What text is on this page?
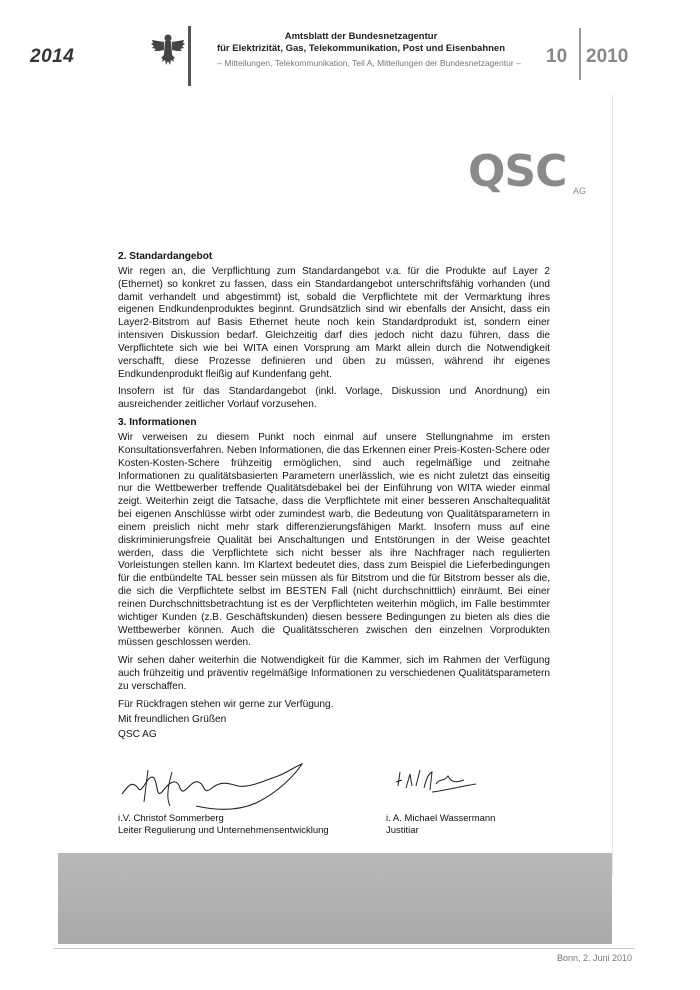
2014
Amtsblatt der Bundesnetzagentur
für Elektrizität, Gas, Telekommunikation, Post und Eisenbahnen
– Mitteilungen, Telekommunikation, Teil A, Mitteilungen der Bundesnetzagentur –	10 2010
QSC AG
2. Standardangebot

Wir regen an, die Verpflichtung zum Standardangebot v.a. für die Produkte auf Layer 2 (Ethernet) so konkret zu fassen, dass ein Standardangebot unterschriftsfähig vorhanden (und damit verhandelt und abgestimmt) ist, sobald die Verpflichtete mit der Vermarktung ihres eigenen Endkundenproduktes beginnt. Grundsätzlich sind wir ebenfalls der Ansicht, dass ein Layer2-Bitstrom auf Basis Ethernet heute noch kein Standardprodukt ist, sondern einer intensiven Diskussion bedarf. Gleichzeitig darf dies jedoch nicht dazu führen, dass die Verpflichtete sich wie bei WITA einen Vorsprung am Markt allein durch die Notwendigkeit verschafft, diese Prozesse definieren und üben zu müssen, während ihr eigenes Endkundenprodukt fleißig auf Kundenfang geht.

Insofern ist für das Standardangebot (inkl. Vorlage, Diskussion und Anordnung) ein ausreichender zeitlicher Vorlauf vorzusehen.

3. Informationen

Wir verweisen zu diesem Punkt noch einmal auf unsere Stellungnahme im ersten Konsultationsverfahren. Neben Informationen, die das Erkennen einer Preis-Kosten-Schere oder Kosten-Kosten-Schere frühzeitig ermöglichen, sind auch regelmäßige und zeitnahe Informationen zu qualitätsbasierten Parametern unerlässlich, wie es nicht zuletzt das einseitig nur die Wettbewerber treffende Qualitätsdebakel bei der Einführung von WITA wieder einmal zeigt. Weiterhin zeigt die Tatsache, dass die Verpflichtete mit einer besseren Anschaltequalität bei eigenen Anschlüsse wirbt oder zumindest warb, die Bedeutung von Qualitätsparametern in einem preislich nicht mehr stark differenzierungsfähigen Markt. Insofern muss auf eine diskriminierungsfreie Qualität bei Anschaltungen und Entstörungen in der Weise geachtet werden, dass die Verpflichtete sich nicht besser als ihre Nachfrager nach regulierten Vorleistungen stellen kann. Im Klartext bedeutet dies, dass zum Beispiel die Lieferbedingungen für die entbündelte TAL besser sein müssen als für Bitstrom und die für Bitstrom besser als die, die sich die Verpflichtete selbst im BESTEN Fall (nicht durchschnittlich) einräumt. Bei einer reinen Durchschnittsbetrachtung ist es der Verpflichteten weiterhin möglich, im Falle bestimmter wichtiger Kunden (z.B. Geschäftskunden) diesen bessere Bedingungen zu bieten als dies die Wettbewerber können. Auch die Qualitätsscheren zwischen den einzelnen Vorprodukten müssen geschlossen werden.

Wir sehen daher weiterhin die Notwendigkeit für die Kammer, sich im Rahmen der Verfügung auch frühzeitig und präventiv regelmäßige Informationen zu verschiedenen Qualitätsparametern zu verschaffen.

Für Rückfragen stehen wir gerne zur Verfügung.

Mit freundlichen Grüßen

QSC AG

i.V. Christof Sommerberg
Leiter Regulierung und Unternehmensentwicklung
i. A. Michael Wassermann
Justitiar
Bonn, 2. Juni 2010
